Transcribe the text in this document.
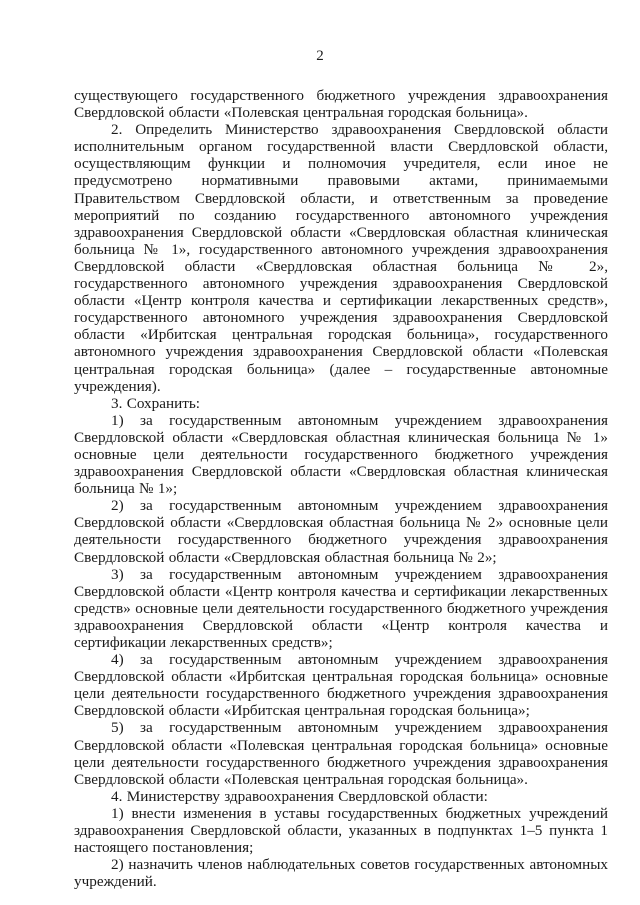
2

существующего государственного бюджетного учреждения здравоохранения Свердловской области «Полевская центральная городская больница».

2. Определить Министерство здравоохранения Свердловской области исполнительным органом государственной власти Свердловской области, осуществляющим функции и полномочия учредителя, если иное не предусмотрено нормативными правовыми актами, принимаемыми Правительством Свердловской области, и ответственным за проведение мероприятий по созданию государственного автономного учреждения здравоохранения Свердловской области «Свердловская областная клиническая больница № 1», государственного автономного учреждения здравоохранения Свердловской области «Свердловская областная больница № 2», государственного автономного учреждения здравоохранения Свердловской области «Центр контроля качества и сертификации лекарственных средств», государственного автономного учреждения здравоохранения Свердловской области «Ирбитская центральная городская больница», государственного автономного учреждения здравоохранения Свердловской области «Полевская центральная городская больница» (далее – государственные автономные учреждения).

3. Сохранить:

1) за государственным автономным учреждением здравоохранения Свердловской области «Свердловская областная клиническая больница № 1» основные цели деятельности государственного бюджетного учреждения здравоохранения Свердловской области «Свердловская областная клиническая больница № 1»;

2) за государственным автономным учреждением здравоохранения Свердловской области «Свердловская областная больница № 2» основные цели деятельности государственного бюджетного учреждения здравоохранения Свердловской области «Свердловская областная больница № 2»;

3) за государственным автономным учреждением здравоохранения Свердловской области «Центр контроля качества и сертификации лекарственных средств» основные цели деятельности государственного бюджетного учреждения здравоохранения Свердловской области «Центр контроля качества и сертификации лекарственных средств»;

4) за государственным автономным учреждением здравоохранения Свердловской области «Ирбитская центральная городская больница» основные цели деятельности государственного бюджетного учреждения здравоохранения Свердловской области «Ирбитская центральная городская больница»;

5) за государственным автономным учреждением здравоохранения Свердловской области «Полевская центральная городская больница» основные цели деятельности государственного бюджетного учреждения здравоохранения Свердловской области «Полевская центральная городская больница».

4. Министерству здравоохранения Свердловской области:

1) внести изменения в уставы государственных бюджетных учреждений здравоохранения Свердловской области, указанных в подпунктах 1–5 пункта 1 настоящего постановления;

2) назначить членов наблюдательных советов государственных автономных учреждений.
